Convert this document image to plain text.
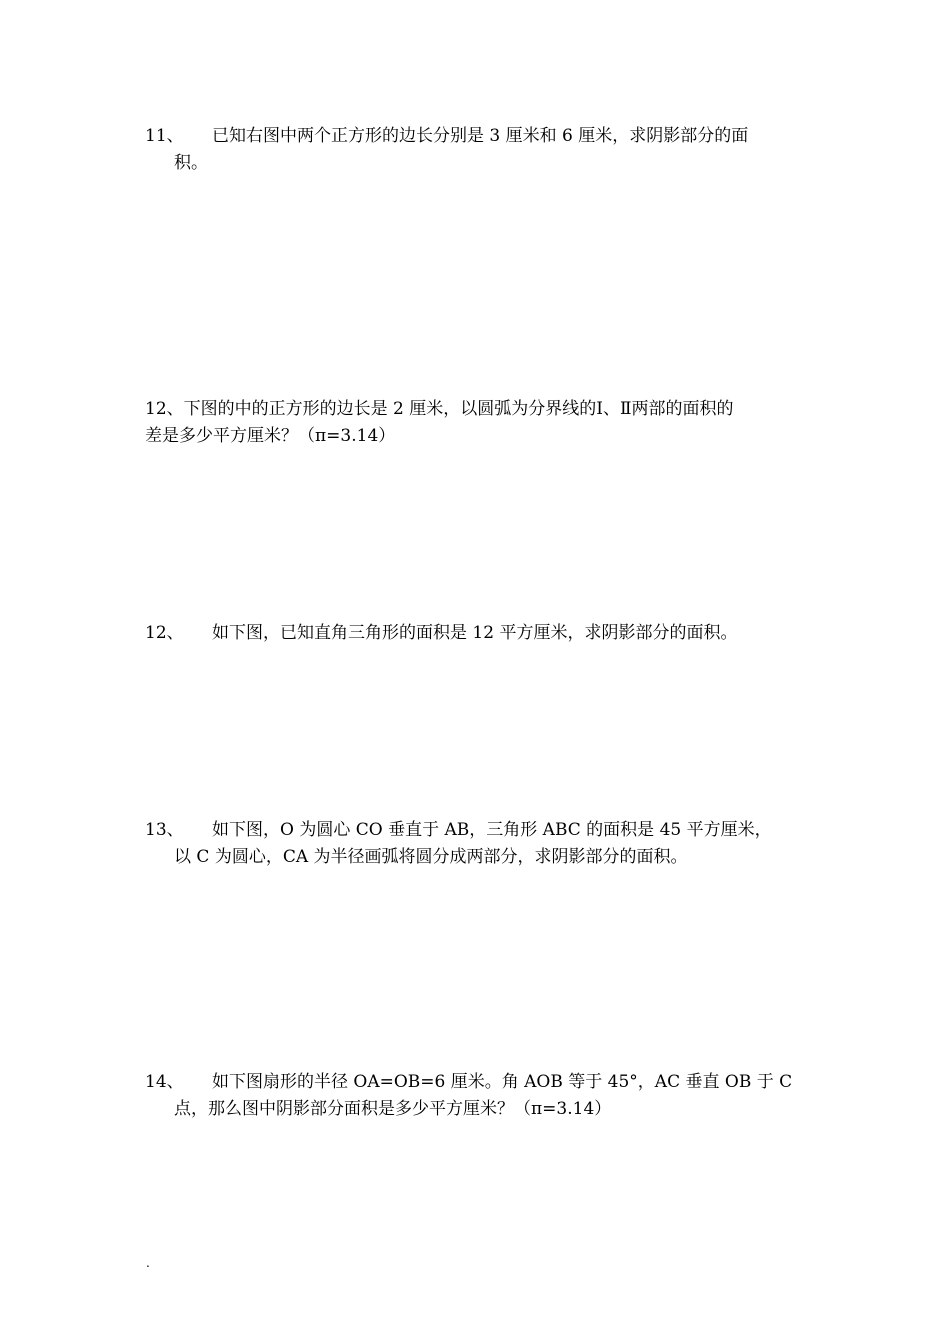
11、 已知右图中两个正方形的边长分别是 3 厘米和 6 厘米，求阴影部分的面
积。
12、下图的中的正方形的边长是 2 厘米，以圆弧为分界线的Ⅰ、Ⅱ两部的面积的
差是多少平方厘米？（π=3.14）
12、 如下图，已知直角三角形的面积是 12 平方厘米，求阴影部分的面积。
13、 如下图，O 为圆心 CO 垂直于 AB，三角形 ABC 的面积是 45 平方厘米，
以 C 为圆心，CA 为半径画弧将圆分成两部分，求阴影部分的面积。
14、 如下图扇形的半径 OA=OB=6 厘米。角 AOB 等于 45°，AC 垂直 OB 于 C
点，那么图中阴影部分面积是多少平方厘米？（π=3.14）
.
